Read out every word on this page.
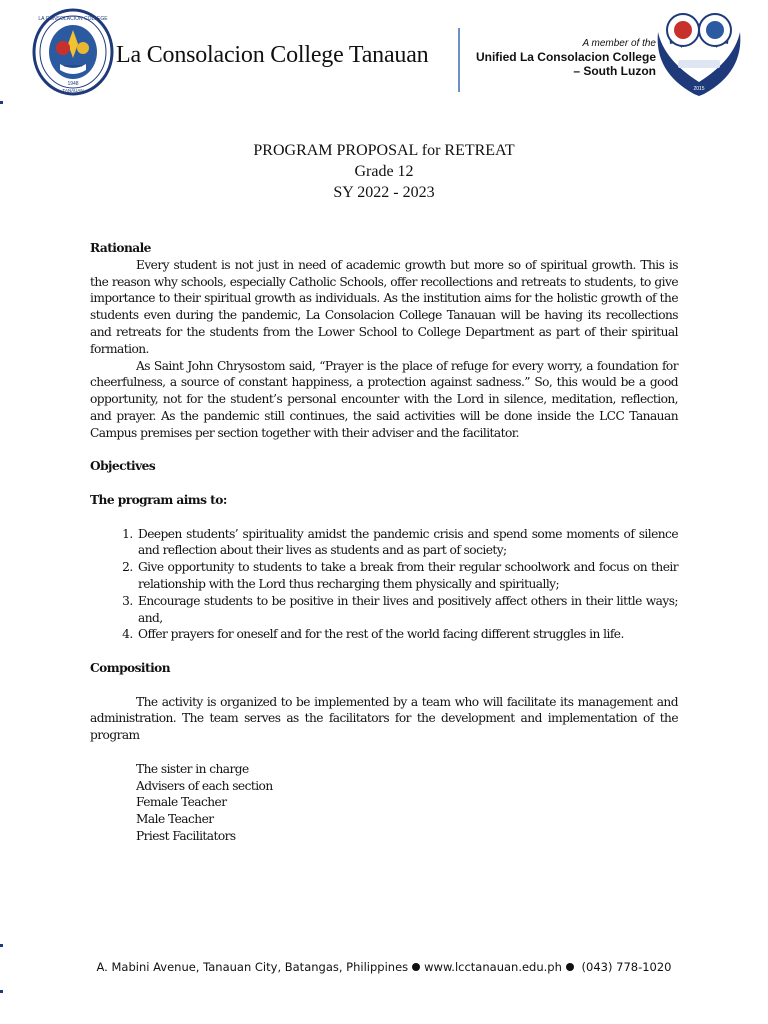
1948
LA CONSOLACION COLLEGE
TANAUAN
La Consolacion College Tanauan	A member of the
Unified La Consolacion College
– South Luzon
2015
PROGRAM PROPOSAL for RETREAT
Grade 12
SY 2022 - 2023

Rationale

Every student is not just in need of academic growth but more so of spiritual growth. This is the reason why schools, especially Catholic Schools, offer recollections and retreats to students, to give importance to their spiritual growth as individuals. As the institution aims for the holistic growth of the students even during the pandemic, La Consolacion College Tanauan will be having its recollections and retreats for the students from the Lower School to College Department as part of their spiritual formation.

As Saint John Chrysostom said, “Prayer is the place of refuge for every worry, a foundation for cheerfulness, a source of constant happiness, a protection against sadness.” So, this would be a good opportunity, not for the student’s personal encounter with the Lord in silence, meditation, reflection, and prayer. As the pandemic still continues, the said activities will be done inside the LCC Tanauan Campus premises per section together with their adviser and the facilitator.

Objectives

The program aims to:

1. Deepen students’ spirituality amidst the pandemic crisis and spend some moments of silence and reflection about their lives as students and as part of society;
2. Give opportunity to students to take a break from their regular schoolwork and focus on their relationship with the Lord thus recharging them physically and spiritually;
3. Encourage students to be positive in their lives and positively affect others in their little ways; and,
4. Offer prayers for oneself and for the rest of the world facing different struggles in life.

Composition

The activity is organized to be implemented by a team who will facilitate its management and administration. The team serves as the facilitators for the development and implementation of the program

The sister in charge
Advisers of each section
Female Teacher
Male Teacher
Priest Facilitators
A. Mabini Avenue, Tanauan City, Batangas, Philippines www.lcctanauan.edu.ph (043) 778-1020
